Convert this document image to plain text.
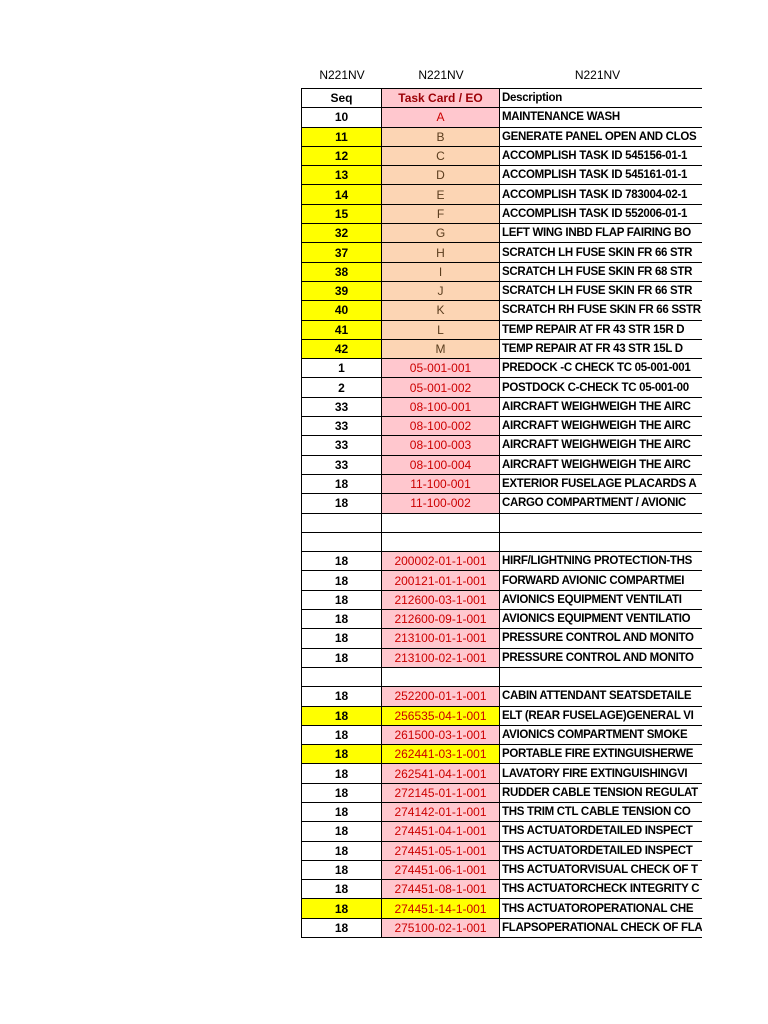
N221NV	N221NV	N221NV
Seq	Task Card / EO	Description
10	A	MAINTENANCE WASH
11	B	GENERATE PANEL OPEN AND CLOS
12	C	ACCOMPLISH TASK ID 545156-01-1
13	D	ACCOMPLISH TASK ID 545161-01-1
14	E	ACCOMPLISH TASK ID 783004-02-1
15	F	ACCOMPLISH TASK ID 552006-01-1
32	G	LEFT WING INBD FLAP FAIRING BO
37	H	SCRATCH LH FUSE SKIN FR 66 STR
38	I	SCRATCH LH FUSE SKIN FR 68 STR
39	J	SCRATCH LH FUSE SKIN FR 66 STR
40	K	SCRATCH RH FUSE SKIN FR 66 SSTR
41	L	TEMP REPAIR AT FR 43 STR 15R D
42	M	TEMP REPAIR AT FR 43 STR 15L D
1	05-001-001	PREDOCK -C CHECK TC 05-001-001
2	05-001-002	POSTDOCK C-CHECK TC 05-001-00
33	08-100-001	AIRCRAFT WEIGHWEIGH THE AIRC
33	08-100-002	AIRCRAFT WEIGHWEIGH THE AIRC
33	08-100-003	AIRCRAFT WEIGHWEIGH THE AIRC
33	08-100-004	AIRCRAFT WEIGHWEIGH THE AIRC
18	11-100-001	EXTERIOR FUSELAGE PLACARDS A
18	11-100-002	CARGO COMPARTMENT / AVIONIC

18	200002-01-1-001	HIRF/LIGHTNING PROTECTION-THS
18	200121-01-1-001	FORWARD AVIONIC COMPARTMEI
18	212600-03-1-001	AVIONICS EQUIPMENT VENTILATI
18	212600-09-1-001	AVIONICS EQUIPMENT VENTILATIO
18	213100-01-1-001	PRESSURE CONTROL AND MONITO
18	213100-02-1-001	PRESSURE CONTROL AND MONITO

18	252200-01-1-001	CABIN ATTENDANT SEATSDETAILE
18	256535-04-1-001	ELT (REAR FUSELAGE)GENERAL VI
18	261500-03-1-001	AVIONICS COMPARTMENT SMOKE
18	262441-03-1-001	PORTABLE FIRE EXTINGUISHERWE
18	262541-04-1-001	LAVATORY FIRE EXTINGUISHINGVI
18	272145-01-1-001	RUDDER CABLE TENSION REGULAT
18	274142-01-1-001	THS TRIM CTL CABLE TENSION CO
18	274451-04-1-001	THS ACTUATORDETAILED INSPECT
18	274451-05-1-001	THS ACTUATORDETAILED INSPECT
18	274451-06-1-001	THS ACTUATORVISUAL CHECK OF T
18	274451-08-1-001	THS ACTUATORCHECK INTEGRITY C
18	274451-14-1-001	THS ACTUATOROPERATIONAL CHE
18	275100-02-1-001	FLAPSOPERATIONAL CHECK OF FLA
